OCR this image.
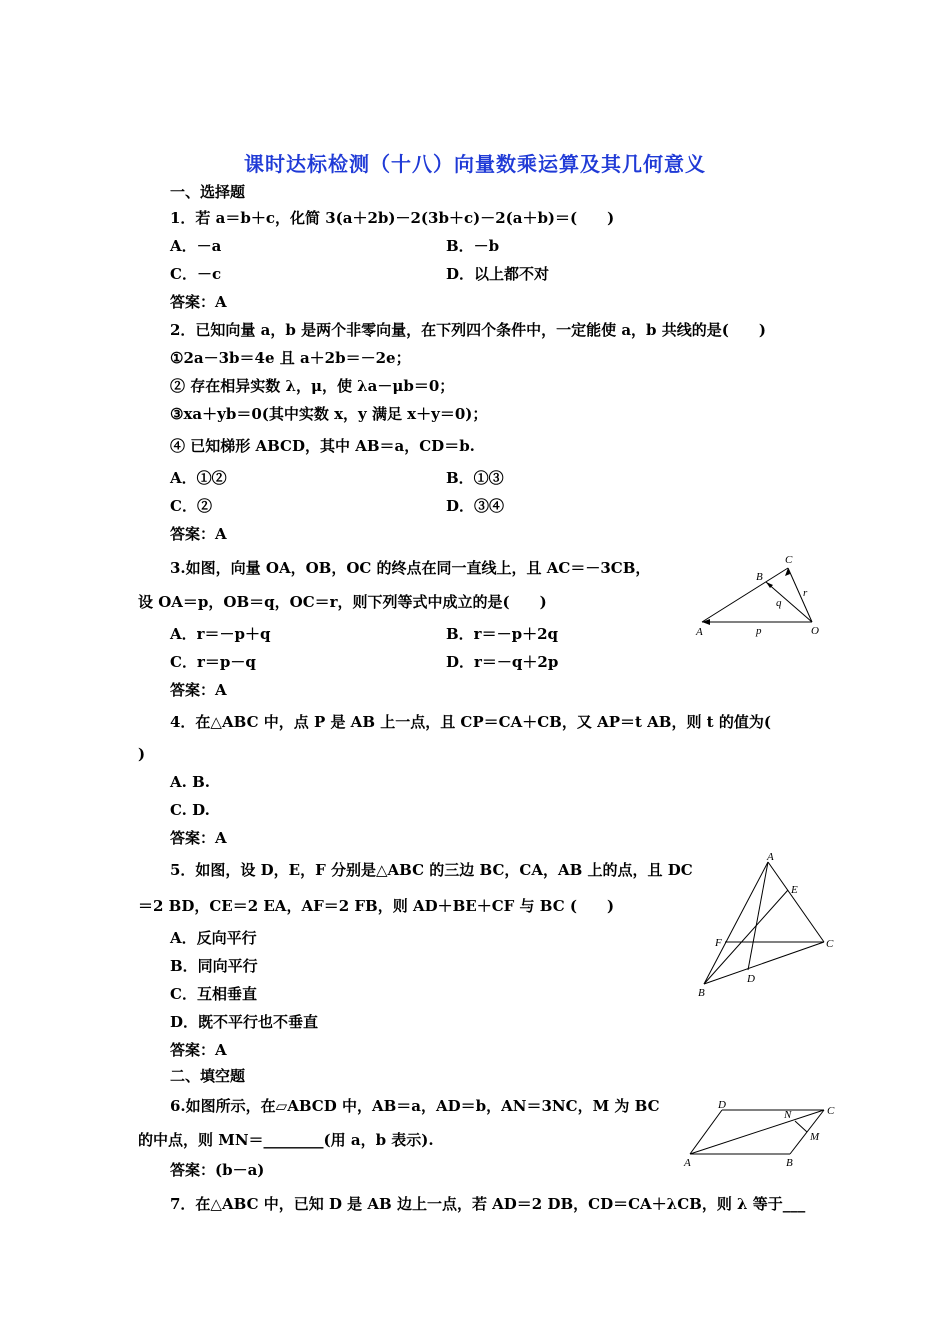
课时达标检测（十八）向量数乘运算及其几何意义
一、选择题
1．若 a＝b＋c，化简 3(a＋2b)－2(3b＋c)－2(a＋b)＝(　　)
A．－a	B．－b
C．－c	D．以上都不对
答案：A
2．已知向量 a，b 是两个非零向量，在下列四个条件中，一定能使 a，b 共线的是(　　)
①2a－3b＝4e 且 a＋2b＝－2e；
② 存在相异实数 λ，μ，使 λa－μb＝0；
③xa＋yb＝0(其中实数 x，y 满足 x＋y＝0)；
④ 已知梯形 ABCD，其中 AB＝a，CD＝b.
A．①②	B．①③
C．②	D．③④
答案：A
3.如图，向量 OA，OB，OC 的终点在同一直线上，且 AC＝－3CB，
设 OA＝p，OB＝q，OC＝r，则下列等式中成立的是(　　)
A．r＝－p＋q	B．r＝－p＋2q
C．r＝p－q	D．r＝－q＋2p
答案：A
A
B
C
O
p
q
r
4．在△ABC 中，点 P 是 AB 上一点，且 CP＝CA＋CB，又 AP＝t AB，则 t 的值为(
)
A. B.
C. D.
答案：A
5．如图，设 D，E，F 分别是△ABC 的三边 BC，CA，AB 上的点，且 DC
＝2 BD，CE＝2 EA，AF＝2 FB，则 AD＋BE＋CF 与 BC (　　)
A．反向平行
B．同向平行
C．互相垂直
D．既不平行也不垂直
答案：A
A
B
C
D
E
F
二、填空题
6.如图所示，在▱ABCD 中，AB＝a，AD＝b，AN＝3NC，M 为 BC
的中点，则 MN＝________(用 a，b 表示).
答案：(b－a)	A	B
C
D
M
N
7．在△ABC 中，已知 D 是 AB 边上一点，若 AD＝2 DB，CD＝CA＋λCB，则 λ 等于___
